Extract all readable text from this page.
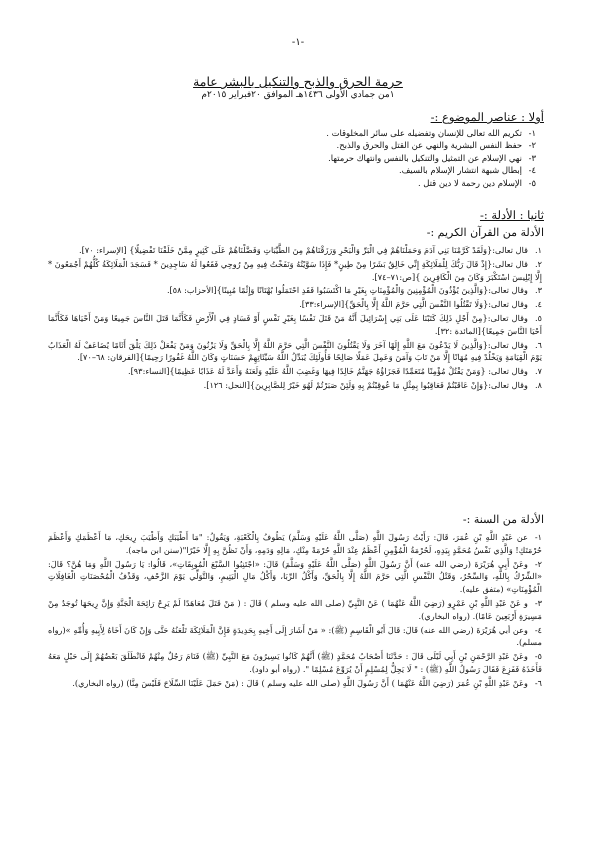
-١-
حرمة الحرق والذبح والتنكيل بالبشر عامة
١من جمادي الأولى ١٤٣٦هـ الموافق ٢٠فبراير ٢٠١٥م
أولا : عناصر الموضوع :-
١-تكريم الله تعالى للإنسان وتفضيله على سائر المخلوقات .
٢-حفظ النفس البشرية والنهي عن القتل والحرق والذبح.
٣-نهي الإسلام عن التمثيل والتنكيل بالنفس وانتهاك حرمتها.
٤-إبطال شبهة انتشار الإسلام بالسيف.
٥-الإسلام دين رحمة لا دين قتل .
ثانيا : الأدلة :-
الأدلة من القرآن الكريم :-
١.قال تعالى:{وَلَقَدْ كَرَّمْنَا بَنِي آدَمَ وَحَمَلْنَاهُمْ فِي الْبَرِّ وَالْبَحْرِ وَرَزَقْنَاهُمْ مِنَ الطَّيِّبَاتِ وَفَضَّلْنَاهُمْ عَلَى كَثِيرٍ مِمَّنْ خَلَقْنَا تَفْضِيلًا} [الإسراء: ٧٠].
٢.قال تعالى:{إِذْ قَالَ رَبُّكَ لِلْمَلَائِكَةِ إِنِّي خَالِقٌ بَشَرًا مِنْ طِينٍ* فَإِذَا سَوَّيْتُهُ وَنَفَخْتُ فِيهِ مِنْ رُوحِي فَقَعُوا لَهُ سَاجِدِينَ * فَسَجَدَ الْمَلَائِكَةُ كُلُّهُمْ أَجْمَعُونَ * إِلَّا إِبْلِيسَ اسْتَكْبَرَ وَكَانَ مِنَ الْكَافِرِينَ }[ص:٧١–٧٤].
٣.وقال تعالى:{وَالَّذِينَ يُؤْذُونَ الْمُؤْمِنِينَ وَالْمُؤْمِنَاتِ بِغَيْرِ مَا اكْتَسَبُوا فَقَدِ احْتَمَلُوا بُهْتَانًا وَإِثْمًا مُبِينًا}[الأحزاب: ٥٨].
٤.وقال تعالى:{وَلَا تَقْتُلُوا النَّفْسَ الَّتِي حَرَّمَ اللَّهُ إِلَّا بِالْحَقِّ}[الإسراء:٣٣].
٥.وقال تعالى:{مِنْ أَجْلِ ذَلِكَ كَتَبْنَا عَلَى بَنِي إِسْرَائِيلَ أَنَّهُ مَنْ قَتَلَ نَفْسًا بِغَيْرِ نَفْسٍ أَوْ فَسَادٍ فِي الْأَرْضِ فَكَأَنَّمَا قَتَلَ النَّاسَ جَمِيعًا وَمَنْ أَحْيَاهَا فَكَأَنَّمَا أَحْيَا النَّاسَ جَمِيعًا}[المائدة :٣٢].
٦.وقال تعالى:{وَالَّذِينَ لَا يَدْعُونَ مَعَ اللَّهِ إِلَهًا آخَرَ وَلَا يَقْتُلُونَ النَّفْسَ الَّتِي حَرَّمَ اللَّهُ إِلَّا بِالْحَقِّ وَلَا يَزْنُونَ وَمَنْ يَفْعَلْ ذَلِكَ يَلْقَ أَثَامًا يُضَاعَفْ لَهُ الْعَذَابُ يَوْمَ الْقِيَامَةِ وَيَخْلُدْ فِيهِ مُهَانًا إِلَّا مَنْ تَابَ وَآمَنَ وَعَمِلَ عَمَلًا صَالِحًا فَأُولَئِكَ يُبَدِّلُ اللَّهُ سَيِّئَاتِهِمْ حَسَنَاتٍ وَكَانَ اللَّهُ غَفُورًا رَحِيمًا}[الفرقان: ٦٨–٧٠].
٧.وقال تعالى: {وَمَنْ يَقْتُلْ مُؤْمِنًا مُتَعَمِّدًا فَجَزَاؤُهُ جَهَنَّمُ خَالِدًا فِيهَا وَغَضِبَ اللَّهُ عَلَيْهِ وَلَعَنَهُ وَأَعَدَّ لَهُ عَذَابًا عَظِيمًا}[النساء:٩٣].
٨.وقال تعالى:{وَإِنْ عَاقَبْتُمْ فَعَاقِبُوا بِمِثْلِ مَا عُوقِبْتُمْ بِهِ وَلَئِنْ صَبَرْتُمْ لَهُوَ خَيْرٌ لِلصَّابِرِينَ}[النحل: ١٢٦].
الأدلة من السنة :-
١-عن عَبْدِ اللَّهِ بْنِ عُمَرَ، قَالَ: رَأَيْتُ رَسُولَ اللَّهِ (صَلَّى اللَّهُ عَلَيْهِ وَسَلَّمَ) يَطُوفُ بِالْكَعْبَةِ، وَيَقُولُ: "مَا أَطْيَبَكِ وَأَطْيَبَ رِيحَكِ، مَا أَعْظَمَكِ وَأَعْظَمَ حُرْمَتَكِ! وَالَّذِي نَفْسُ مُحَمَّدٍ بِيَدِهِ، لَحُرْمَةُ الْمُؤْمِنِ أَعْظَمُ عِنْدَ اللَّهِ حُرْمَةً مِنْكِ، مَالِهِ وَدَمِهِ، وَأَنْ نَظُنَّ بِهِ إِلَّا خَيْرًا"(سنن ابن ماجه).
٢-وعَنْ أَبِي هُرَيْرَةَ (رضي الله عنه) أَنَّ رَسُولَ اللَّهِ (صَلَّى اللَّهُ عَلَيْهِ وَسَلَّمَ) قَالَ: «اجْتَنِبُوا السَّبْعَ الْمُوبِقَاتِ»، قَالُوا: يَا رَسُولَ اللَّهِ وَمَا هُنَّ؟ قَالَ: «الشِّرْكُ بِاللَّهِ، وَالسِّحْرُ، وَقَتْلُ النَّفْسِ الَّتِي حَرَّمَ اللَّهُ إِلَّا بِالْحَقِّ، وَأَكْلُ الرِّبَا، وَأَكْلُ مَالِ الْيَتِيمِ، وَالتَّوَلِّي يَوْمَ الزَّحْفِ، وَقَذْفُ الْمُحْصَنَاتِ الْغَافِلَاتِ الْمُؤْمِنَاتِ» (متفق عليه).
٣-و عَنْ عَبْدِ اللَّهِ بْنِ عَمْرٍو (رَضِيَ اللَّهُ عَنْهُمَا ) عَنْ النَّبِيِّ (صلى الله عليه وسلم ) قَالَ : ( مَنْ قَتَلَ مُعَاهَدًا لَمْ يَرِحْ رَائِحَةَ الْجَنَّةِ وَإِنَّ رِيحَهَا تُوجَدُ مِنْ مَسِيرَةِ أَرْبَعِينَ عَامًا). (رواه البخاري).
٤-وعن أبي هُرَيْرَةَ (رضي الله عنه) قَالَ: قَالَ أَبُو الْقَاسِمِ (ﷺ): « مَنْ أَشَارَ إِلَى أَخِيهِ بِحَدِيدَةٍ فَإِنَّ الْمَلَائِكَةَ تَلْعَنُهُ حَتَّى وَإِنْ كَانَ أَخَاهُ لِأَبِيهِ وَأُمِّهِ »(رواه مسلم).
٥-وعَنْ عَبْدِ الرَّحْمَنِ بْنِ أَبِي لَيْلَى قَالَ : حَدَّثَنَا أَصْحَابُ مُحَمَّدٍ (ﷺ) أَنَّهُمْ كَانُوا يَسِيرُونَ مَعَ النَّبِيِّ (ﷺ) فَنَامَ رَجُلٌ مِنْهُمْ فَانْطَلَقَ بَعْضُهُمْ إِلَى حَبْلٍ مَعَهُ فَأَخَذَهُ فَفَزِعَ فَقَالَ رَسُولُ اللَّهِ (ﷺ) : " لَا يَحِلُّ لِمُسْلِمٍ أَنْ يُرَوِّعَ مُسْلِمًا ". (رواه أبو داود).
٦-وعَنْ عَبْدِ اللَّهِ بْنِ عُمَرَ (رَضِيَ اللَّهُ عَنْهُمَا ) أَنَّ رَسُولَ اللَّهِ (صلى الله عليه وسلم ) قَالَ : (مَنْ حَمَلَ عَلَيْنَا السِّلَاحَ فَلَيْسَ مِنَّا) (رواه البخاري).
